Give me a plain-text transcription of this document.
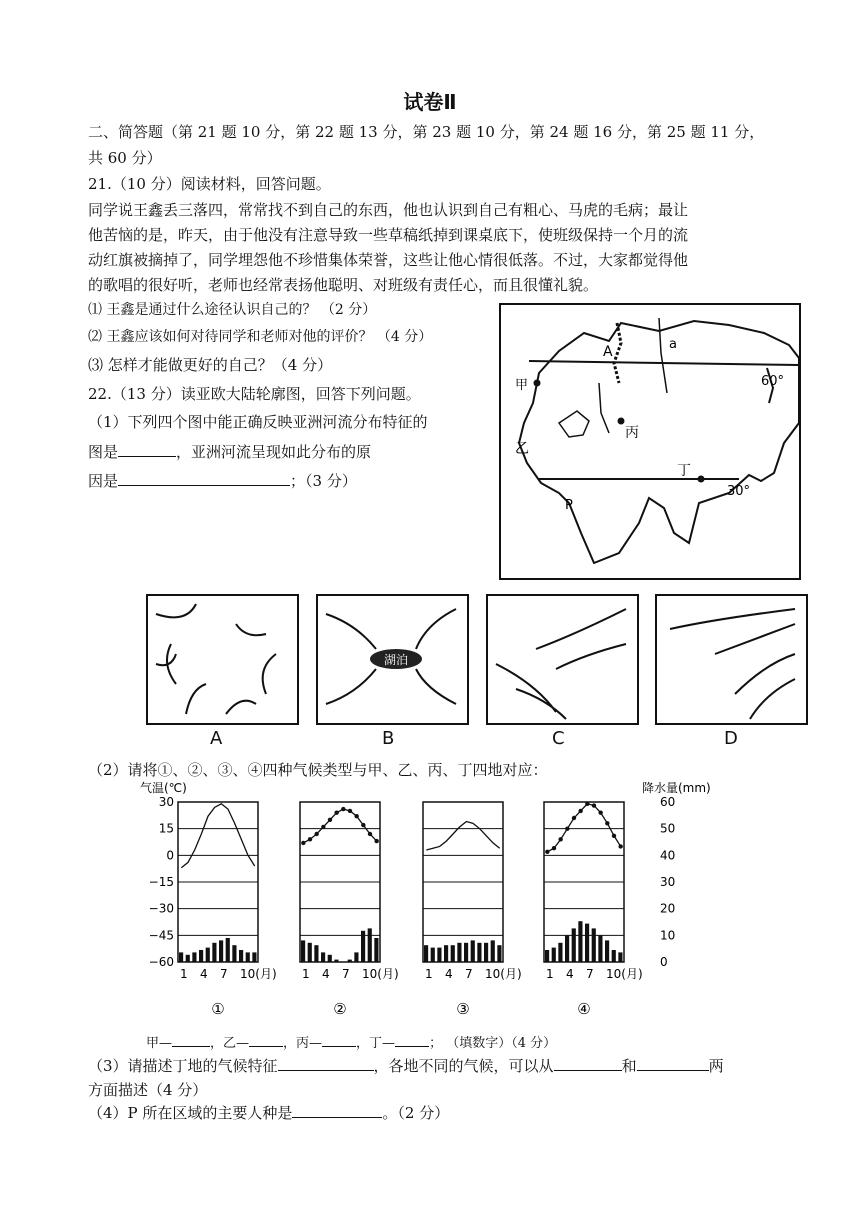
试卷Ⅱ
二、简答题（第 21 题 10 分，第 22 题 13 分，第 23 题 10 分，第 24 题 16 分，第 25 题 11 分，
共 60 分）
21.（10 分）阅读材料，回答问题。
同学说王鑫丢三落四，常常找不到自己的东西，他也认识到自己有粗心、马虎的毛病；最让
他苦恼的是，昨天，由于他没有注意导致一些草稿纸掉到课桌底下，使班级保持一个月的流
动红旗被摘掉了，同学埋怨他不珍惜集体荣誉，这些让他心情很低落。不过，大家都觉得他
的歌唱的很好听，老师也经常表扬他聪明、对班级有责任心，而且很懂礼貌。
⑴ 王鑫是通过什么途径认识自己的？ （2 分）
⑵ 王鑫应该如何对待同学和老师对他的评价？ （4 分）
⑶ 怎样才能做更好的自己？（4 分）
22.（13 分）读亚欧大陆轮廓图，回答下列问题。
（1）下列四个图中能正确反映亚洲河流分布特征的
图是	，亚洲河流呈现如此分布的原
因是	；（3 分）
a
A
甲
乙
丙
丁
P
60°
30°
湖泊
A	B	C	D
（2）请将①、②、③、④四种气候类型与甲、乙、丙、丁四地对应：
气温(℃)	降水量(mm)
30
15
0
−15
−30
−45
−60
60
50
40
30
20
10
0
1 4 7 10(月)
①
1 4 7 10(月)
②
1 4 7 10(月)
③
1 4 7 10(月)
④
甲—	，乙—	，丙—	，丁—	； （填数字）（4 分）
（3）请描述丁地的气候特征	，各地不同的气候，可以从	和	两
方面描述（4 分）
（4）P 所在区域的主要人种是	。（2 分）
